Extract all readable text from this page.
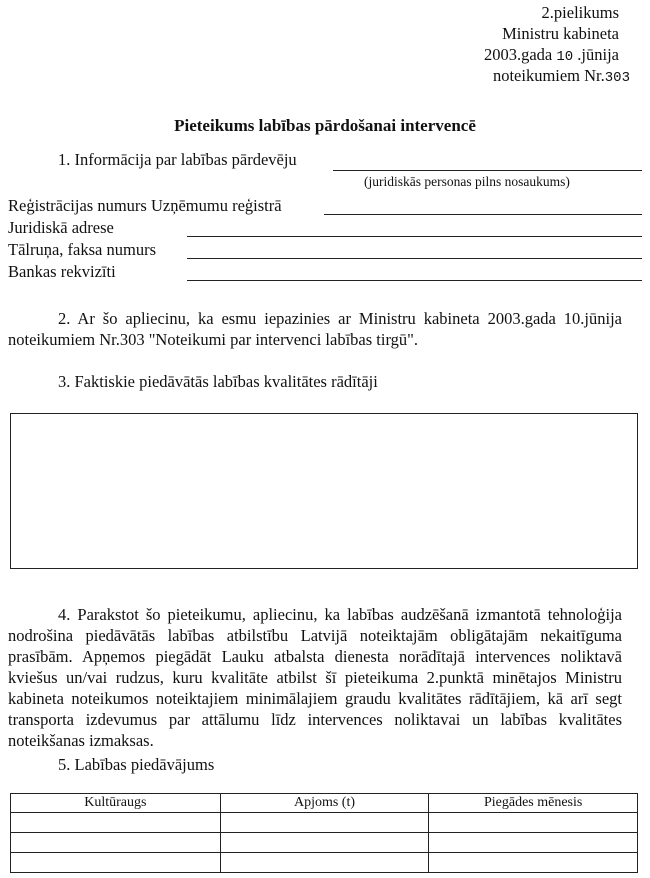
2.pielikums
Ministru kabineta
2003.gada 10 .jūnija
noteikumiem Nr.303
Pieteikums labības pārdošanai intervencē
1. Informācija par labības pārdevēju
(juridiskās personas pilns nosaukums)
Reģistrācijas numurs Uzņēmumu reģistrā
Juridiskā adrese
Tālruņa, faksa numurs
Bankas rekvizīti
2. Ar šo apliecinu, ka esmu iepazinies ar Ministru kabineta 2003.gada 10.jūnija noteikumiem Nr.303 "Noteikumi par intervenci labības tirgū".
3. Faktiskie piedāvātās labības kvalitātes rādītāji
4. Parakstot šo pieteikumu, apliecinu, ka labības audzēšanā izmantotā tehnoloģija nodrošina piedāvātās labības atbilstību Latvijā noteiktajām obligātajām nekaitīguma prasībām. Apņemos piegādāt Lauku atbalsta dienesta norādītajā intervences noliktavā kviešus un/vai rudzus, kuru kvalitāte atbilst šī pieteikuma 2.punktā minētajos Ministru kabineta noteikumos noteiktajiem minimālajiem graudu kvalitātes rādītājiem, kā arī segt transporta izdevumus par attālumu līdz intervences noliktavai un labības kvalitātes noteikšanas izmaksas.
5. Labības piedāvājums
Kultūraugs	Apjoms (t)	Piegādes mēnesis
